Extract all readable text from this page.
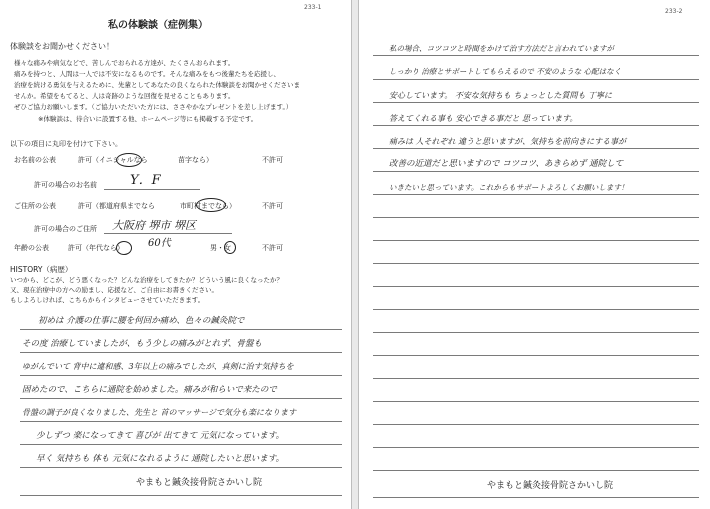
233-1
私の体験談（症例集）
体験談をお聞かせください！
様々な痛みや病気などで、苦しんでおられる方達が、たくさんおられます。
痛みを持つと、人間は一人では不安になるものです。そんな痛みをもつ後輩たちを応援し、
治療を続ける勇気を与えるために、先輩としてあなたの良くなられた体験談をお聞かせくださいま
せんか。希望をもてると、人は奇跡のような回復を見せることもあります。
ぜひご協力お願いします。（ご協力いただいた方には、ささやかなプレゼントを差し上げます。）
※体験談は、待合いに設置する他、ホームページ等にも掲載する予定です。
以下の項目に丸印を付けて下さい。
お名前の公表	許可（イニシャルなら	苗字なら）	不許可
許可の場合のお名前	Y．F
ご住所の公表	許可（都道府県までなら	市町村までなら）	不許可
許可の場合のご住所 大阪府 堺市 堺区
年齢の公表	許可（年代なら） 60代	男・女	不許可
HISTORY（病歴）
いつから、どこが、どう悪くなった？どんな治療をしてきたか？どういう風に良くなったか？
又、現在治療中の方への励まし、応援など、ご自由にお書きください。
もしよろしければ、こちらからインタビューさせていただきます。
初めは 介護の仕事に腰を何回か痛め、色々の鍼灸院で
その度 治療していましたが、もう少しの痛みがとれず、骨盤も
ゆがんでいて 背中に違和感、3年以上の痛みでしたが、真剣に治す気持ちを
固めたので、こちらに通院を始めました。痛みが和らいで来たので
骨盤の調子が良くなりました、先生と 首のマッサージで気分も楽になります
少しずつ 楽になってきて 喜びが 出てきて 元気になっています。
早く 気持ちも 体も 元気になれるように 通院したいと思います。
やまもと鍼灸接骨院さかいし院
233-2
私の場合、コツコツと時間をかけて治す方法だと言われていますが
しっかり 治療とサポートしてもらえるので 不安のような 心配はなく
安心しています。 不安な気持ちも ちょっとした質問も 丁寧に
答えてくれる事も 安心できる事だと 思っています。
痛みは 人それぞれ 違うと思いますが、気持ちを前向きにする事が
改善の近道だと思いますので コツコツ、あきらめず 通院して
いきたいと思っています。これからもサポートよろしくお願いします！
やまもと鍼灸接骨院さかいし院
